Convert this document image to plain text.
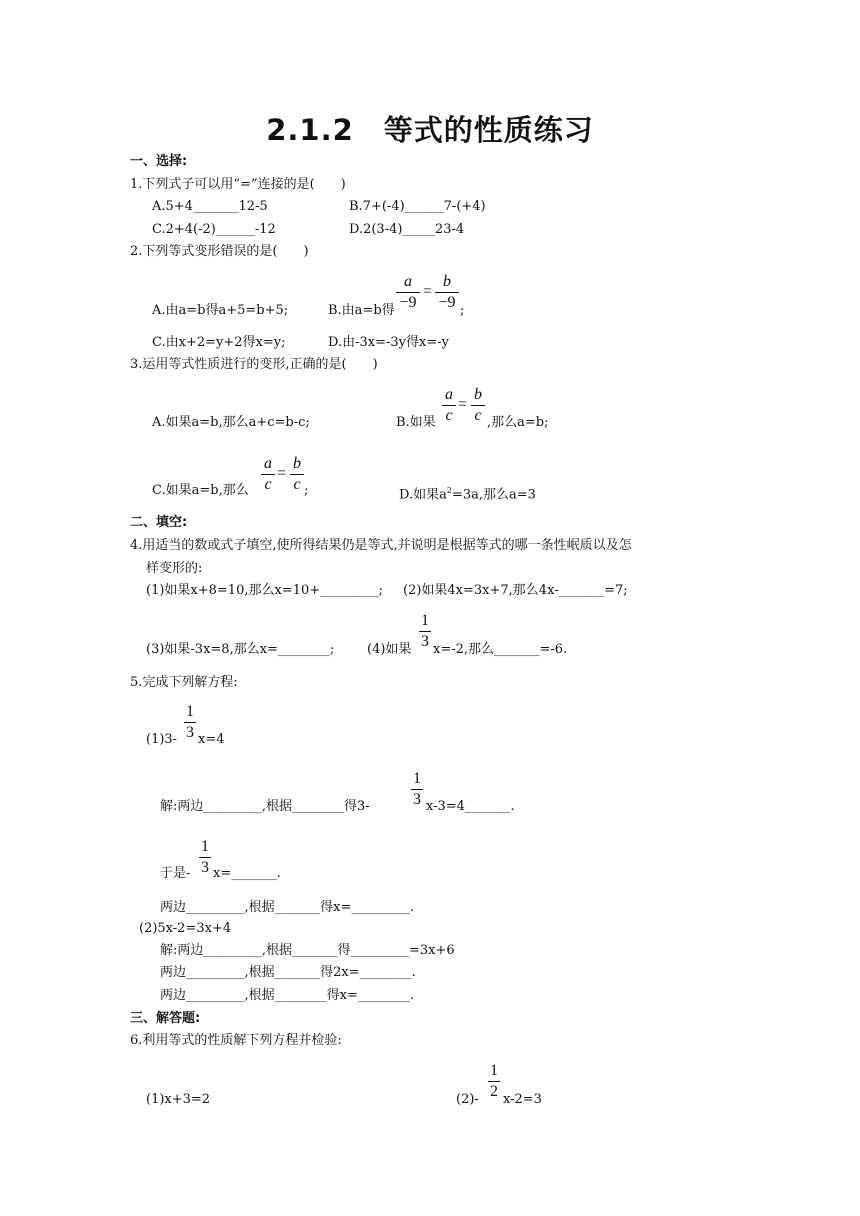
2.1.2　等式的性质练习
一、选择:
1.下列式子可以用“=”连接的是(　　)
A.5+4_______12-5	B.7+(-4)______7-(+4)
C.2+4(-2)______-12	D.2(3-4)_____23-4
2.下列等式变形错误的是(　　)
A.由a=b得a+5=b+5;	B.由a=b得
a
−9
=
b
−9 ;
C.由x+2=y+2得x=y;	D.由-3x=-3y得x=-y
3.运用等式性质进行的变形,正确的是(　　)
A.如果a=b,那么a+c=b-c;	B.如果
a
c
=
b
c ,那么a=b;
C.如果a=b,那么
a
c
=
b
c ;	D.如果$a^2=3a$,那么a=3
二、填空:
4.用适当的数或式子填空,使所得结果仍是等式,并说明是根据等式的哪一条性岷质以及怎
样变形的:
(1)如果x+8=10,那么x=10+_________; (2)如果4x=3x+7,那么4x-_______=7;
(3)如果-3x=8,那么x=________;	(4)如果
1
3 x=-2,那么_______=-6.
5.完成下列解方程:
(1)3-
1
3 x=4
解:两边_________,根据________得3-
1
3 x-3=4_______.
于是-
1
3 x=_______.
两边_________,根据_______得x=_________.
(2)5x-2=3x+4
解:两边_________,根据_______得_________=3x+6
两边_________,根据_______得2x=________.
两边_________,根据________得x=________.
三、解答题:
6.利用等式的性质解下列方程并检验:
(1)x+3=2	(2)-
1
2 x-2=3
